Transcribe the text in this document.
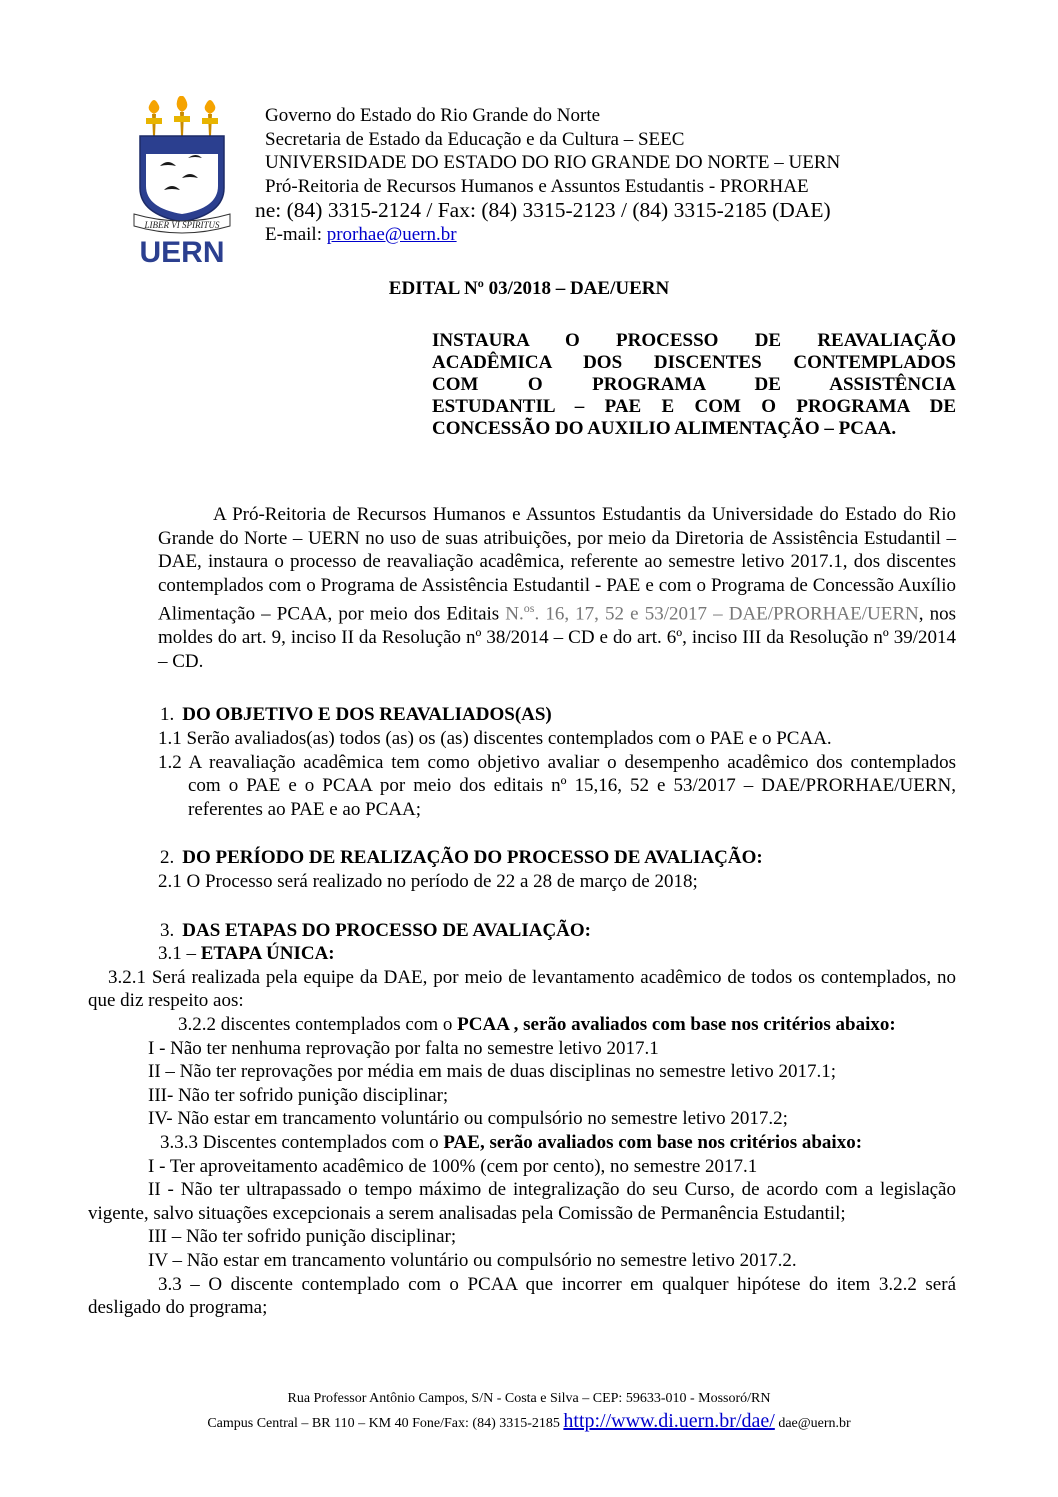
LIBER VI SPIRITUS
UERN
Governo do Estado do Rio Grande do Norte
Secretaria de Estado da Educação e da Cultura – SEEC
UNIVERSIDADE DO ESTADO DO RIO GRANDE DO NORTE – UERN
Pró-Reitoria de Recursos Humanos e Assuntos Estudantis - PRORHAE
ne: (84) 3315-2124 / Fax: (84) 3315-2123 / (84) 3315-2185 (DAE)
E-mail: prorhae@uern.br
EDITAL Nº 03/2018 – DAE/UERN
INSTAURA O PROCESSO DE REAVALIAÇÃO
ACADÊMICA DOS DISCENTES CONTEMPLADOS
COM O PROGRAMA DE ASSISTÊNCIA
ESTUDANTIL – PAE E COM O PROGRAMA DE
CONCESSÃO DO AUXILIO ALIMENTAÇÃO – PCAA.

A Pró-Reitoria de Recursos Humanos e Assuntos Estudantis da Universidade do Estado do Rio Grande do Norte – UERN no uso de suas atribuições, por meio da Diretoria de Assistência Estudantil – DAE, instaura o processo de reavaliação acadêmica, referente ao semestre letivo 2017.1, dos discentes contemplados com o Programa de Assistência Estudantil - PAE e com o Programa de Concessão Auxílio Alimentação – PCAA, por meio dos Editais N.$^{os}$. 16, 17, 52 e 53/2017 – DAE/PRORHAE/UERN, nos moldes do art. 9, inciso II da Resolução nº 38/2014 – CD e do art. 6º, inciso III da Resolução nº 39/2014 – CD.

1. DO OBJETIVO E DOS REAVALIADOS(AS)

1.1 Serão avaliados(as) todos (as) os (as) discentes contemplados com o PAE e o PCAA.

1.2 A reavaliação acadêmica tem como objetivo avaliar o desempenho acadêmico dos contemplados com o PAE e o PCAA por meio dos editais nº 15,16, 52 e 53/2017 – DAE/PRORHAE/UERN, referentes ao PAE e ao PCAA;

2. DO PERÍODO DE REALIZAÇÃO DO PROCESSO DE AVALIAÇÃO:

2.1 O Processo será realizado no período de 22 a 28 de março de 2018;

3. DAS ETAPAS DO PROCESSO DE AVALIAÇÃO:

3.1 – ETAPA ÚNICA:

3.2.1 Será realizada pela equipe da DAE, por meio de levantamento acadêmico de todos os contemplados, no que diz respeito aos:

3.2.2 discentes contemplados com o PCAA , serão avaliados com base nos critérios abaixo:

I - Não ter nenhuma reprovação por falta no semestre letivo 2017.1

II – Não ter reprovações por média em mais de duas disciplinas no semestre letivo 2017.1;

III- Não ter sofrido punição disciplinar;

IV- Não estar em trancamento voluntário ou compulsório no semestre letivo 2017.2;

3.3.3 Discentes contemplados com o PAE, serão avaliados com base nos critérios abaixo:

I - Ter aproveitamento acadêmico de 100% (cem por cento), no semestre 2017.1

II - Não ter ultrapassado o tempo máximo de integralização do seu Curso, de acordo com a legislação vigente, salvo situações excepcionais a serem analisadas pela Comissão de Permanência Estudantil;

III – Não ter sofrido punição disciplinar;

IV – Não estar em trancamento voluntário ou compulsório no semestre letivo 2017.2.

3.3 – O discente contemplado com o PCAA que incorrer em qualquer hipótese do item 3.2.2 será desligado do programa;

Rua Professor Antônio Campos, S/N - Costa e Silva – CEP: 59633-010 - Mossoró/RN
Campus Central – BR 110 – KM 40 Fone/Fax: (84) 3315-2185 http://www.di.uern.br/dae/ dae@uern.br
